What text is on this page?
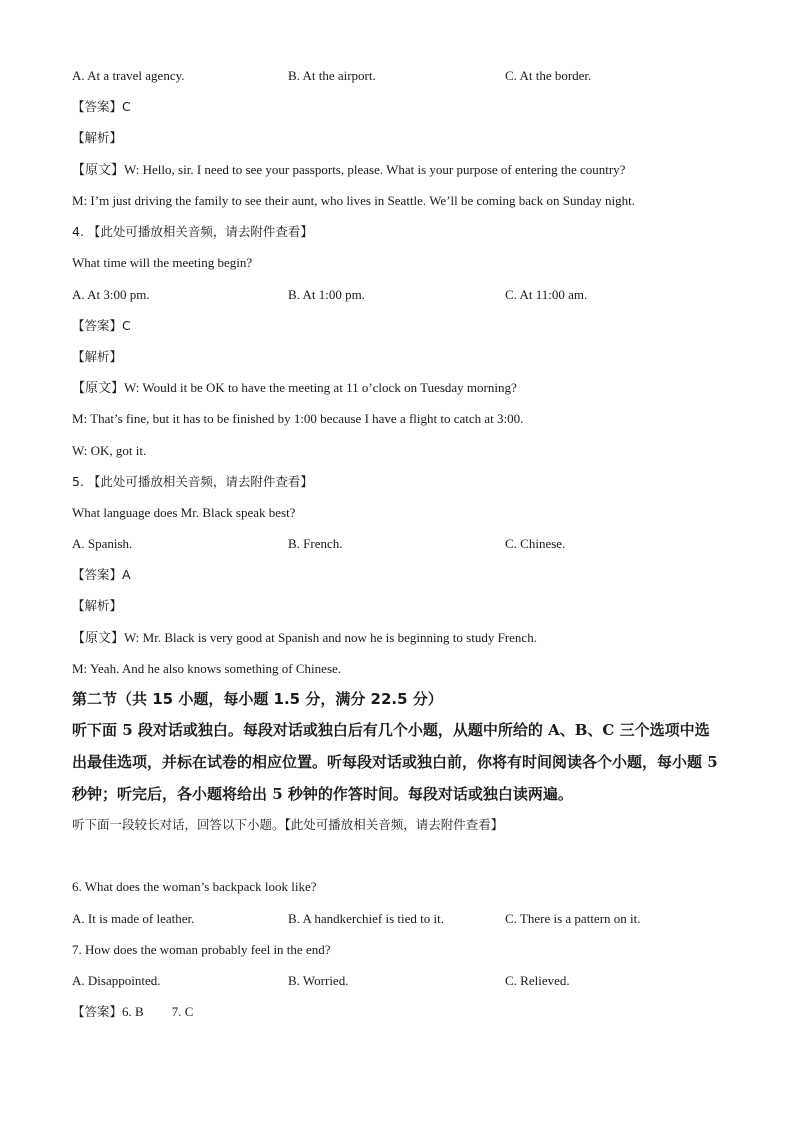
A. At a travel agency.	B. At the airport.	C. At the border.
【答案】C
【解析】
【原文】W: Hello, sir. I need to see your passports, please. What is your purpose of entering the country?
M: I’m just driving the family to see their aunt, who lives in Seattle. We’ll be coming back on Sunday night.
4. 【此处可播放相关音频，请去附件查看】
What time will the meeting begin?
A. At 3:00 pm.	B. At 1:00 pm.	C. At 11:00 am.
【答案】C
【解析】
【原文】W: Would it be OK to have the meeting at 11 o’clock on Tuesday morning?
M: That’s fine, but it has to be finished by 1:00 because I have a flight to catch at 3:00.
W: OK, got it.
5. 【此处可播放相关音频，请去附件查看】
What language does Mr. Black speak best?
A. Spanish.	B. French.	C. Chinese.
【答案】A
【解析】
【原文】W: Mr. Black is very good at Spanish and now he is beginning to study French.
M: Yeah. And he also knows something of Chinese.
第二节（共 15 小题，每小题 1.5 分，满分 22.5 分）
听下面 5 段对话或独白。每段对话或独白后有几个小题，从题中所给的 A、B、C 三个选项中选出最佳选项，并标在试卷的相应位置。听每段对话或独白前，你将有时间阅读各个小题，每小题 5 秒钟；听完后，各小题将给出 5 秒钟的作答时间。每段对话或独白读两遍。
听下面一段较长对话，回答以下小题。【此处可播放相关音频，请去附件查看】
6. What does the woman’s backpack look like?
A. It is made of leather.	B. A handkerchief is tied to it.	C. There is a pattern on it.
7. How does the woman probably feel in the end?
A. Disappointed.	B. Worried.	C. Relieved.
【答案】6. B 7. C
